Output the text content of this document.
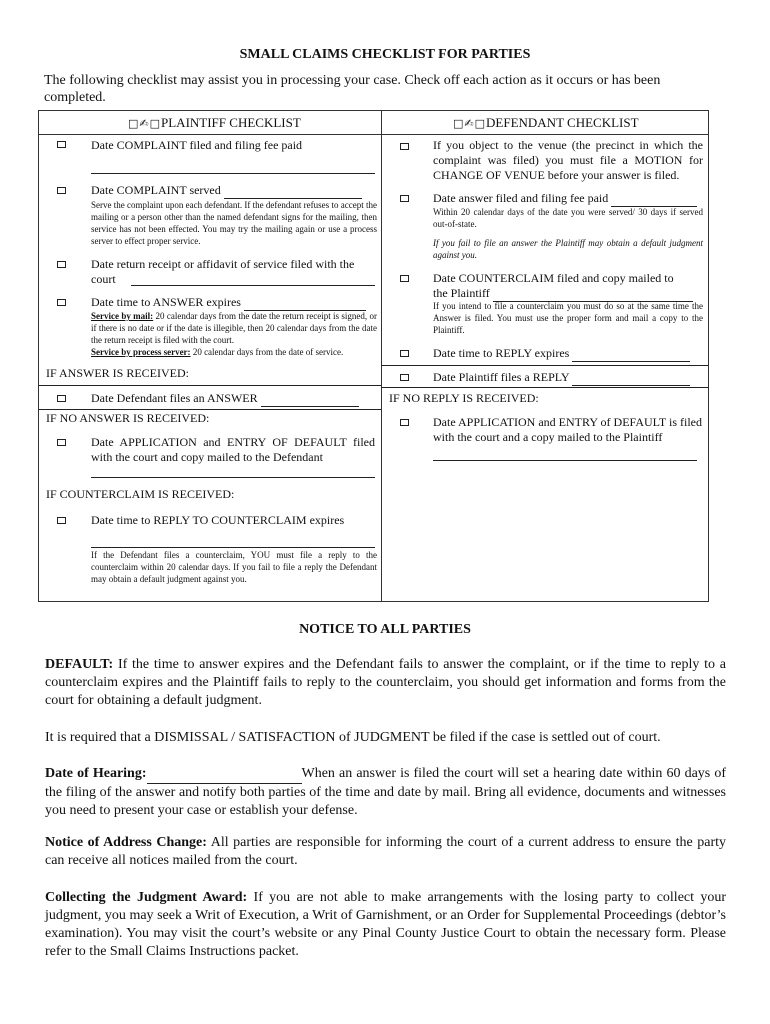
SMALL CLAIMS CHECKLIST FOR PARTIES
The following checklist may assist you in processing your case. Check off each action as it occurs or has been completed.
□✍□PLAINTIFF CHECKLIST	□✍□DEFENDANT CHECKLIST
Date COMPLAINT filed and filing fee paid
Date COMPLAINT served
Serve the complaint upon each defendant. If the defendant refuses to accept the mailing or a person other than the named defendant signs for the mailing, then service has not been effected. You may try the mailing again or use a process server to effect proper service.
Date return receipt or affidavit of service filed with the court
Date time to ANSWER expires
Service by mail: 20 calendar days from the date the return receipt is signed, or if there is no date or if the date is illegible, then 20 calendar days from the date the return receipt is filed with the court.
Service by process server: 20 calendar days from the date of service.
IF ANSWER IS RECEIVED:
Date Defendant files an ANSWER
IF NO ANSWER IS RECEIVED:
Date APPLICATION and ENTRY OF DEFAULT filed with the court and copy mailed to the Defendant
IF COUNTERCLAIM IS RECEIVED:
Date time to REPLY TO COUNTERCLAIM expires
If the Defendant files a counterclaim, YOU must file a reply to the counterclaim within 20 calendar days. If you fail to file a reply the Defendant may obtain a default judgment against you.
If you object to the venue (the precinct in which the complaint was filed) you must file a MOTION for CHANGE OF VENUE before your answer is filed.
Date answer filed and filing fee paid
Within 20 calendar days of the date you were served/ 30 days if served out-of-state.
If you fail to file an answer the Plaintiff may obtain a default judgment against you.
Date COUNTERCLAIM filed and copy mailed to
the Plaintiff
If you intend to file a counterclaim you must do so at the same time the Answer is filed. You must use the proper form and mail a copy to the Plaintiff.
Date time to REPLY expires
Date Plaintiff files a REPLY
IF NO REPLY IS RECEIVED:
Date APPLICATION and ENTRY of DEFAULT is filed with the court and a copy mailed to the Plaintiff
NOTICE TO ALL PARTIES
DEFAULT: If the time to answer expires and the Defendant fails to answer the complaint, or if the time to reply to a counterclaim expires and the Plaintiff fails to reply to the counterclaim, you should get information and forms from the court for obtaining a default judgment.
It is required that a DISMISSAL / SATISFACTION of JUDGMENT be filed if the case is settled out of court.
Date of Hearing:	When an answer is filed the court will set a hearing date within 60 days of the filing of the answer and notify both parties of the time and date by mail. Bring all evidence, documents and witnesses you need to present your case or establish your defense.
Notice of Address Change: All parties are responsible for informing the court of a current address to ensure the party can receive all notices mailed from the court.
Collecting the Judgment Award: If you are not able to make arrangements with the losing party to collect your judgment, you may seek a Writ of Execution, a Writ of Garnishment, or an Order for Supplemental Proceedings (debtor’s examination). You may visit the court’s website or any Pinal County Justice Court to obtain the necessary form. Please refer to the Small Claims Instructions packet.
